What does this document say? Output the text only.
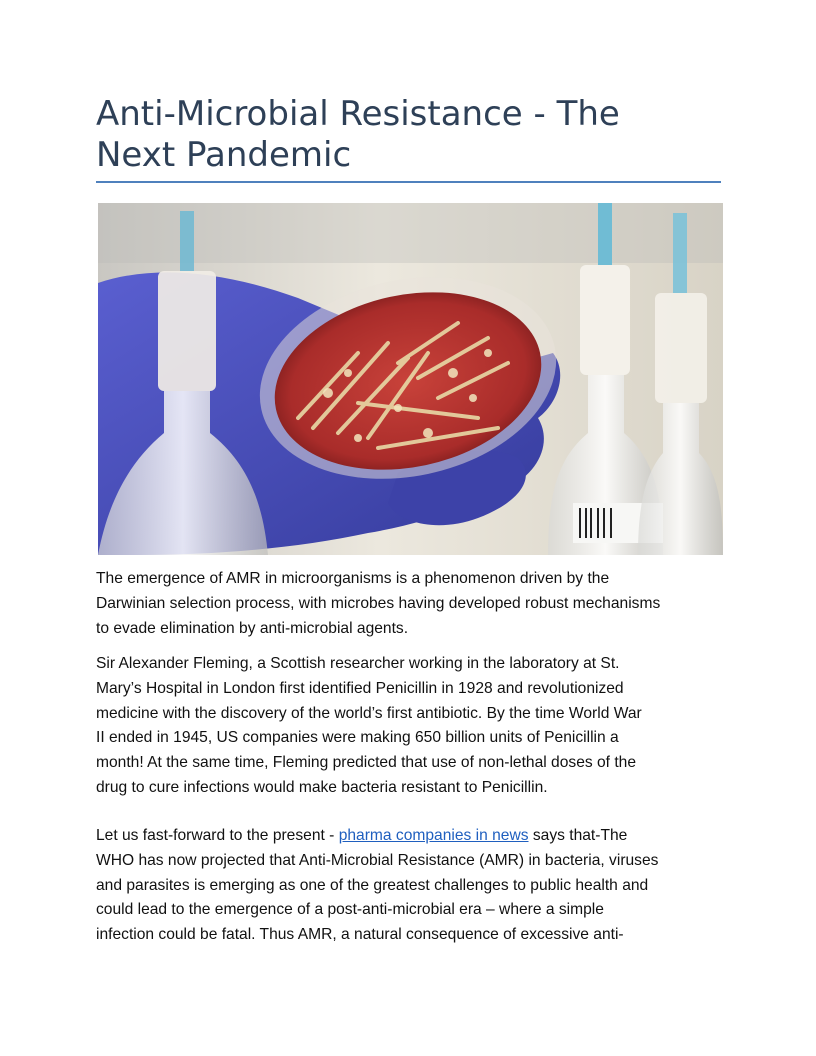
Anti-Microbial Resistance - The
Next Pandemic

The emergence of AMR in microorganisms is a phenomenon driven by the
Darwinian selection process, with microbes having developed robust mechanisms
to evade elimination by anti-microbial agents.

Sir Alexander Fleming, a Scottish researcher working in the laboratory at St.
Mary’s Hospital in London first identified Penicillin in 1928 and revolutionized
medicine with the discovery of the world’s first antibiotic. By the time World War
II ended in 1945, US companies were making 650 billion units of Penicillin a
month! At the same time, Fleming predicted that use of non-lethal doses of the
drug to cure infections would make bacteria resistant to Penicillin.

Let us fast-forward to the present - pharma companies in news says that-The
WHO has now projected that Anti-Microbial Resistance (AMR) in bacteria, viruses
and parasites is emerging as one of the greatest challenges to public health and
could lead to the emergence of a post-anti-microbial era – where a simple
infection could be fatal. Thus AMR, a natural consequence of excessive anti-
